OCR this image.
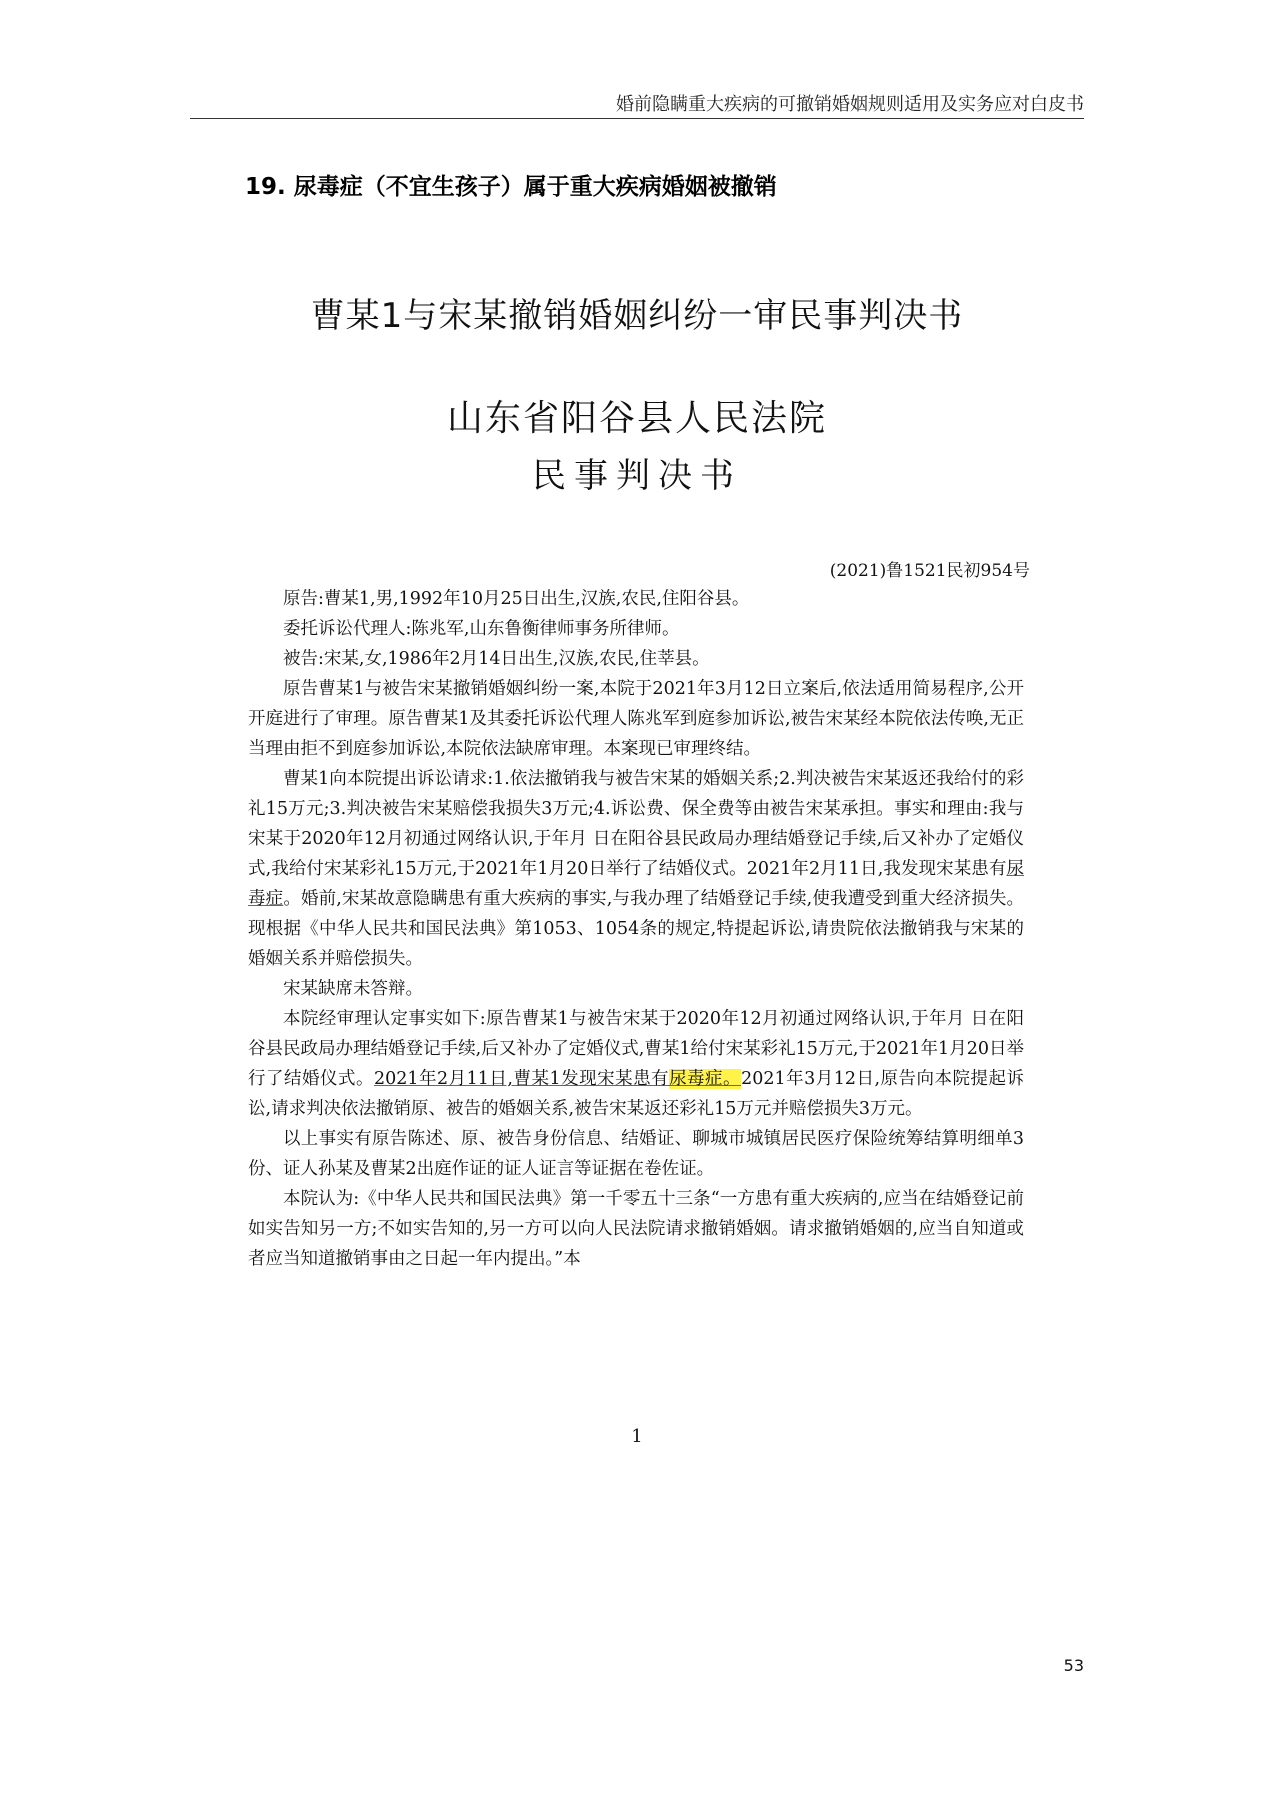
婚前隐瞒重大疾病的可撤销婚姻规则适用及实务应对白皮书
19. 尿毒症（不宜生孩子）属于重大疾病婚姻被撤销
曹某1与宋某撤销婚姻纠纷一审民事判决书
山东省阳谷县人民法院
民事判决书
(2021)鲁1521民初954号

原告:曹某1,男,1992年10月25日出生,汉族,农民,住阳谷县。

委托诉讼代理人:陈兆军,山东鲁衡律师事务所律师。

被告:宋某,女,1986年2月14日出生,汉族,农民,住莘县。

原告曹某1与被告宋某撤销婚姻纠纷一案,本院于2021年3月12日立案后,依法适用简易程序,公开开庭进行了审理。原告曹某1及其委托诉讼代理人陈兆军到庭参加诉讼,被告宋某经本院依法传唤,无正当理由拒不到庭参加诉讼,本院依法缺席审理。本案现已审理终结。

曹某1向本院提出诉讼请求:1.依法撤销我与被告宋某的婚姻关系;2.判决被告宋某返还我给付的彩礼15万元;3.判决被告宋某赔偿我损失3万元;4.诉讼费、保全费等由被告宋某承担。事实和理由:我与宋某于2020年12月初通过网络认识,于年月 日在阳谷县民政局办理结婚登记手续,后又补办了定婚仪式,我给付宋某彩礼15万元,于2021年1月20日举行了结婚仪式。2021年2月11日,我发现宋某患有尿毒症。婚前,宋某故意隐瞒患有重大疾病的事实,与我办理了结婚登记手续,使我遭受到重大经济损失。现根据《中华人民共和国民法典》第1053、1054条的规定,特提起诉讼,请贵院依法撤销我与宋某的婚姻关系并赔偿损失。

宋某缺席未答辩。

本院经审理认定事实如下:原告曹某1与被告宋某于2020年12月初通过网络认识,于年月 日在阳谷县民政局办理结婚登记手续,后又补办了定婚仪式,曹某1给付宋某彩礼15万元,于2021年1月20日举行了结婚仪式。2021年2月11日,曹某1发现宋某患有尿毒症。2021年3月12日,原告向本院提起诉讼,请求判决依法撤销原、被告的婚姻关系,被告宋某返还彩礼15万元并赔偿损失3万元。

以上事实有原告陈述、原、被告身份信息、结婚证、聊城市城镇居民医疗保险统筹结算明细单3份、证人孙某及曹某2出庭作证的证人证言等证据在卷佐证。

本院认为:《中华人民共和国民法典》第一千零五十三条“一方患有重大疾病的,应当在结婚登记前如实告知另一方;不如实告知的,另一方可以向人民法院请求撤销婚姻。请求撤销婚姻的,应当自知道或者应当知道撤销事由之日起一年内提出。”本

1
53
